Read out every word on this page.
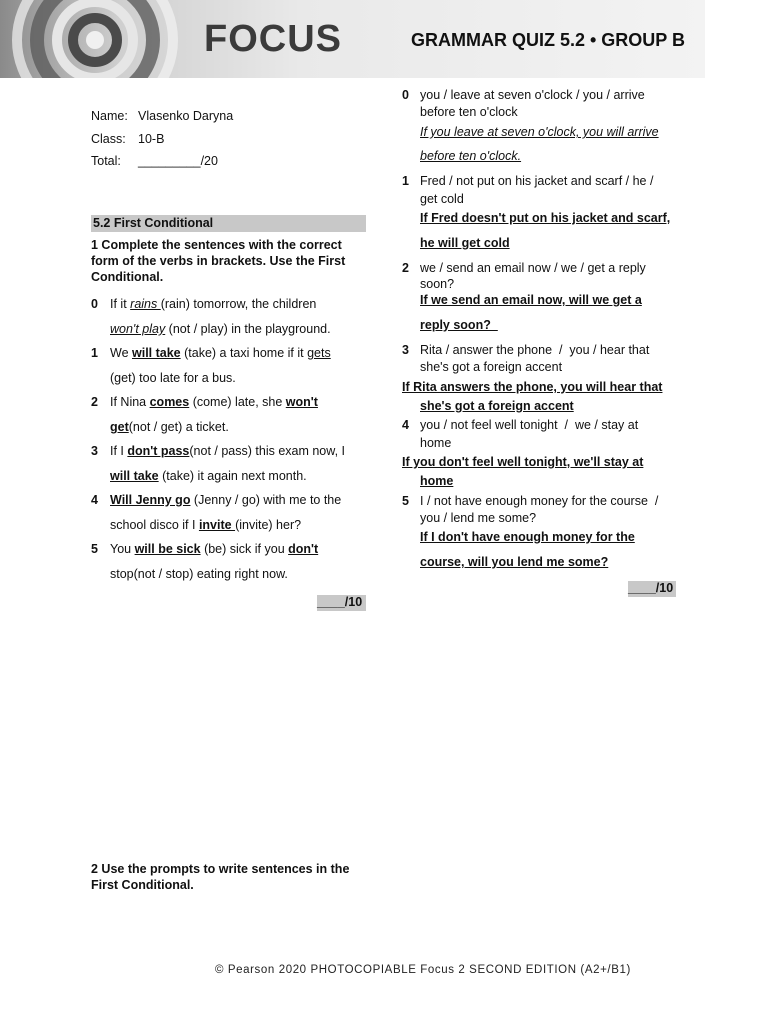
FOCUS	GRAMMAR QUIZ 5.2 • GROUP B
Name: Vlasenko Daryna
Class: 10-B
Total: _________/20
5.2 First Conditional
1 Complete the sentences with the correct
form of the verbs in brackets. Use the First
Conditional.
0 If it rains (rain) tomorrow, the children
won't play (not / play) in the playground.
1 We will take (take) a taxi home if it gets
(get) too late for a bus.
2 If Nina comes (come) late, she won't
get(not / get) a ticket.
3 If I don't pass(not / pass) this exam now, I
will take (take) it again next month.
4 Will Jenny go (Jenny / go) with me to the
school disco if I invite (invite) her?
5 You will be sick (be) sick if you don't
stop(not / stop) eating right now.
____/10
2 Use the prompts to write sentences in the
First Conditional.
0 you / leave at seven o'clock / you / arrive
before ten o'clock
If you leave at seven o'clock, you will arrive
before ten o'clock.
1 Fred / not put on his jacket and scarf / he /
get cold
If Fred doesn't put on his jacket and scarf,
he will get cold
2 we / send an email now / we / get a reply
soon?
If we send an email now, will we get a
reply soon?
3 Rita / answer the phone  /  you / hear that
she's got a foreign accent
If Rita answers the phone, you will hear that
she's got a foreign accent
4 you / not feel well tonight  /  we / stay at
home
If you don't feel well tonight, we'll stay at
home
5 I / not have enough money for the course  /
you / lend me some?
If I don't have enough money for the
course, will you lend me some?
____/10
© Pearson 2020 PHOTOCOPIABLE Focus 2 SECOND EDITION (A2+/B1)
